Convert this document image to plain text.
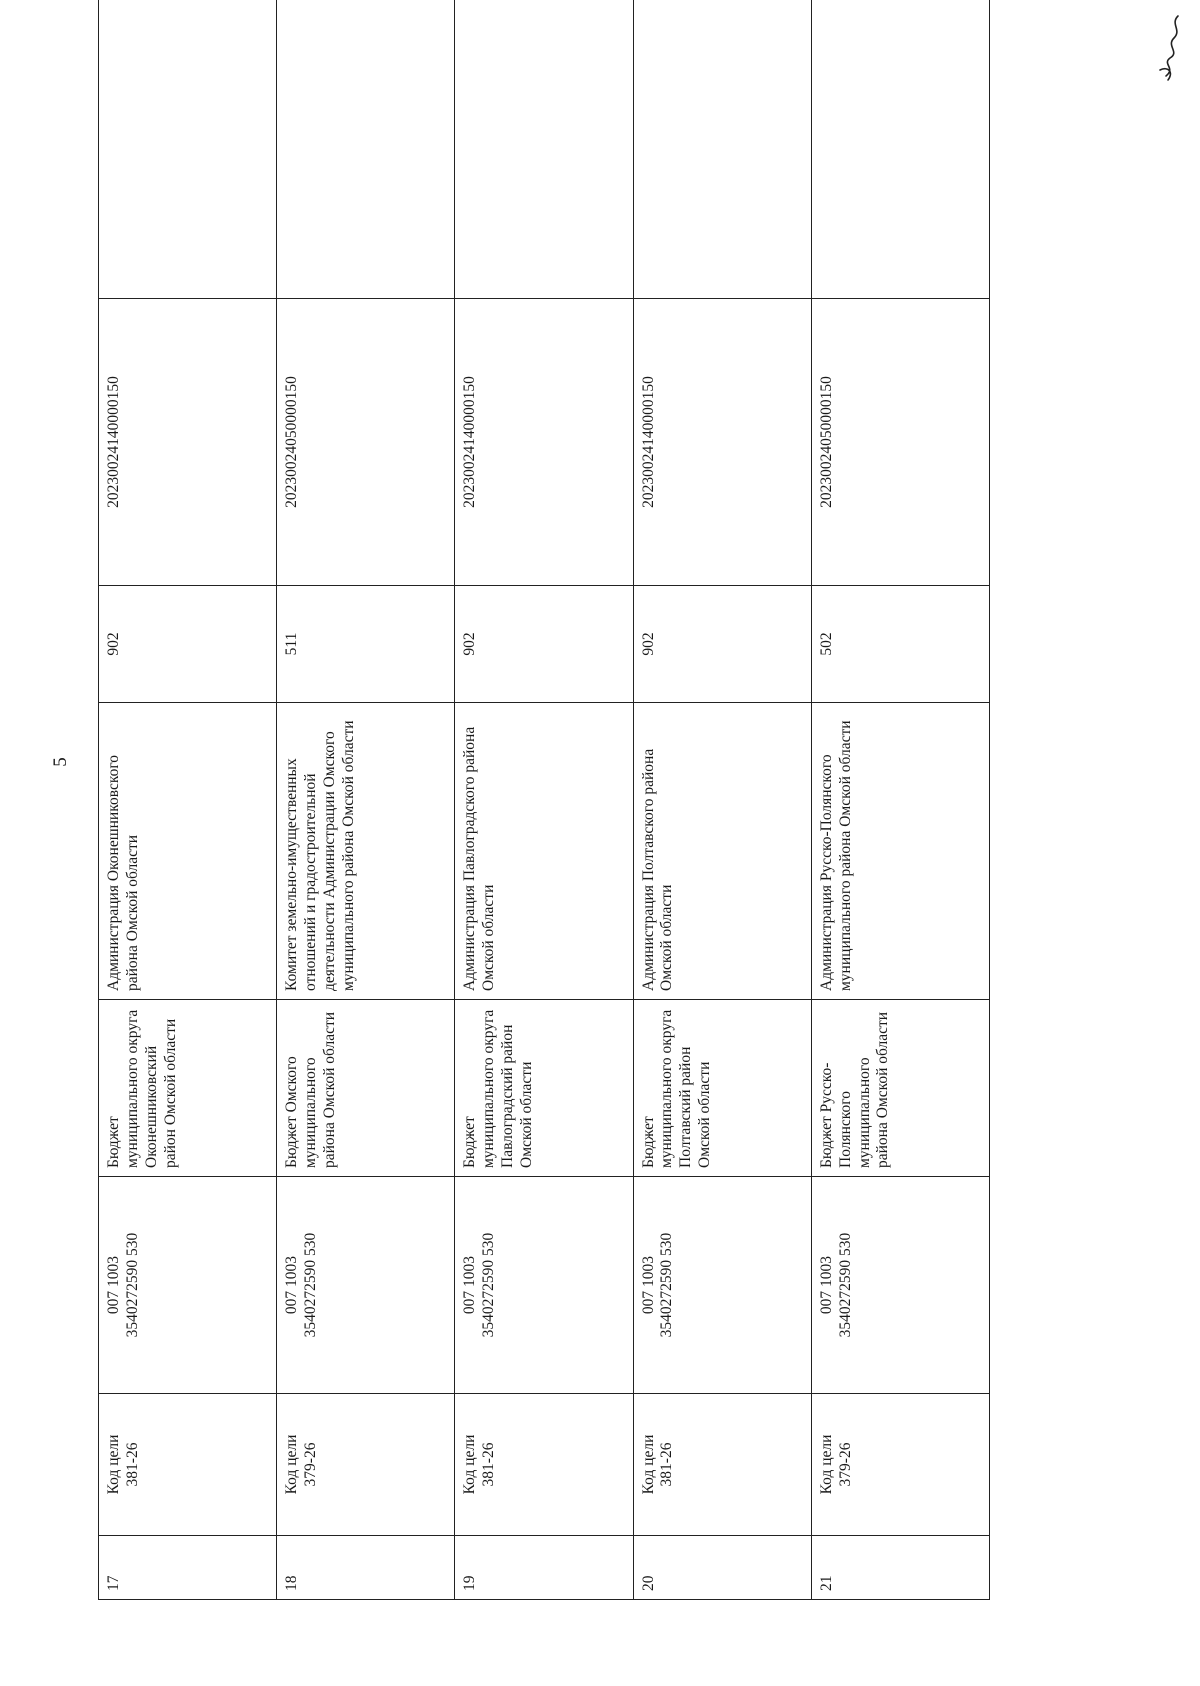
5
17	Код цели 381-26	007 1003 3540272590 530	Бюджет муниципального округа Оконешниковский район Омской области	Администрация Оконешниковского района Омской области	902	20230024140000150	
18	Код цели 379-26	007 1003 3540272590 530	Бюджет Омского муниципального района Омской области	Комитет земельно-имущественных отношений и градостроительной деятельности Администрации Омского муниципального района Омской области	511	20230024050000150	
19	Код цели 381-26	007 1003 3540272590 530	Бюджет муниципального округа Павлоградский район Омской области	Администрация Павлоградского района Омской области	902	20230024140000150	
20	Код цели 381-26	007 1003 3540272590 530	Бюджет муниципального округа Полтавский район Омской области	Администрация Полтавского района Омской области	902	20230024140000150	
21	Код цели 379-26	007 1003 3540272590 530	Бюджет Русско-Полянского муниципального района Омской области	Администрация Русско-Полянского муниципального района Омской области	502	20230024050000150	
